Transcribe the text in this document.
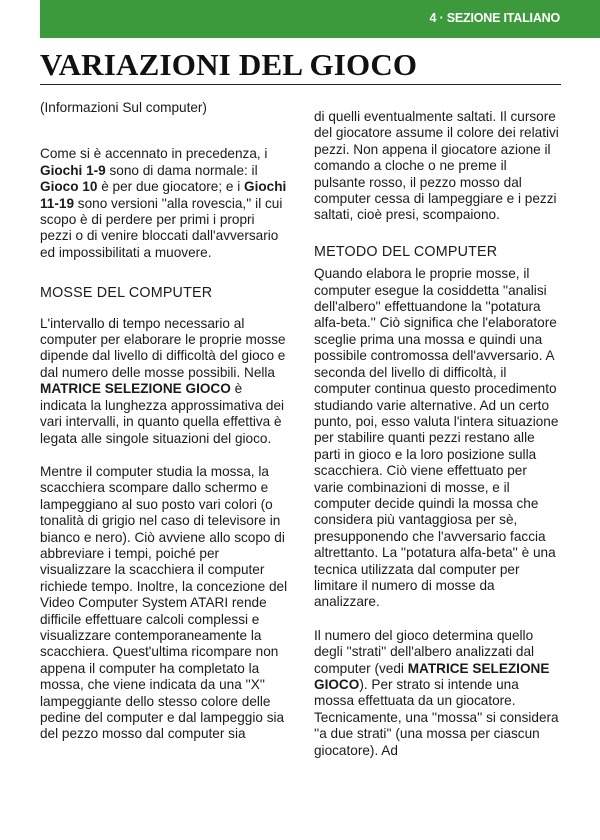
4 · SEZIONE ITALIANO
VARIAZIONI DEL GIOCO

(Informazioni Sul computer)

Come si è accennato in precedenza, i Giochi 1-9 sono di dama normale: il Gioco 10 è per due giocatore; e i Giochi 11-19 sono versioni ''alla rovescia,'' il cui scopo è di perdere per primi i propri pezzi o di venire bloccati dall'avversario ed impossibilitati a muovere.

MOSSE DEL COMPUTER

L'intervallo di tempo necessario al computer per elaborare le proprie mosse dipende dal livello di difficoltà del gioco e dal numero delle mosse possibili. Nella MATRICE SELEZIONE GIOCO è indicata la lunghezza approssimativa dei vari intervalli, in quanto quella effettiva è legata alle singole situazioni del gioco.

Mentre il computer studia la mossa, la scacchiera scompare dallo schermo e lampeggiano al suo posto vari colori (o tonalità di grigio nel caso di televisore in bianco e nero). Ciò avviene allo scopo di abbreviare i tempi, poiché per visualizzare la scacchiera il computer richiede tempo. Inoltre, la concezione del Video Computer System ATARI rende difficile effettuare calcoli complessi e visualizzare contemporaneamente la scacchiera. Quest'ultima ricompare non appena il computer ha completato la mossa, che viene indicata da una ''X'' lampeggiante dello stesso colore delle pedine del computer e dal lampeggio sia del pezzo mosso dal computer sia

di quelli eventualmente saltati. Il cursore del giocatore assume il colore dei relativi pezzi. Non appena il giocatore azione il comando a cloche o ne preme il pulsante rosso, il pezzo mosso dal computer cessa di lampeggiare e i pezzi saltati, cioè presi, scompaiono.

METODO DEL COMPUTER

Quando elabora le proprie mosse, il computer esegue la cosiddetta ''analisi dell'albero'' effettuandone la ''potatura alfa-beta.'' Ciò significa che l'elaboratore sceglie prima una mossa e quindi una possibile contromossa dell'avversario. A seconda del livello di difficoltà, il computer continua questo procedimento studiando varie alternative. Ad un certo punto, poi, esso valuta l'intera situazione per stabilire quanti pezzi restano alle parti in gioco e la loro posizione sulla scacchiera. Ciò viene effettuato per varie combinazioni di mosse, e il computer decide quindi la mossa che considera più vantaggiosa per sè, presupponendo che l'avversario faccia altrettanto. La ''potatura alfa-beta'' è una tecnica utilizzata dal computer per limitare il numero di mosse da analizzare.

Il numero del gioco determina quello degli ''strati'' dell'albero analizzati dal computer (vedi MATRICE SELEZIONE GIOCO). Per strato si intende una mossa effettuata da un giocatore. Tecnicamente, una ''mossa'' si considera ''a due strati'' (una mossa per ciascun giocatore). Ad
